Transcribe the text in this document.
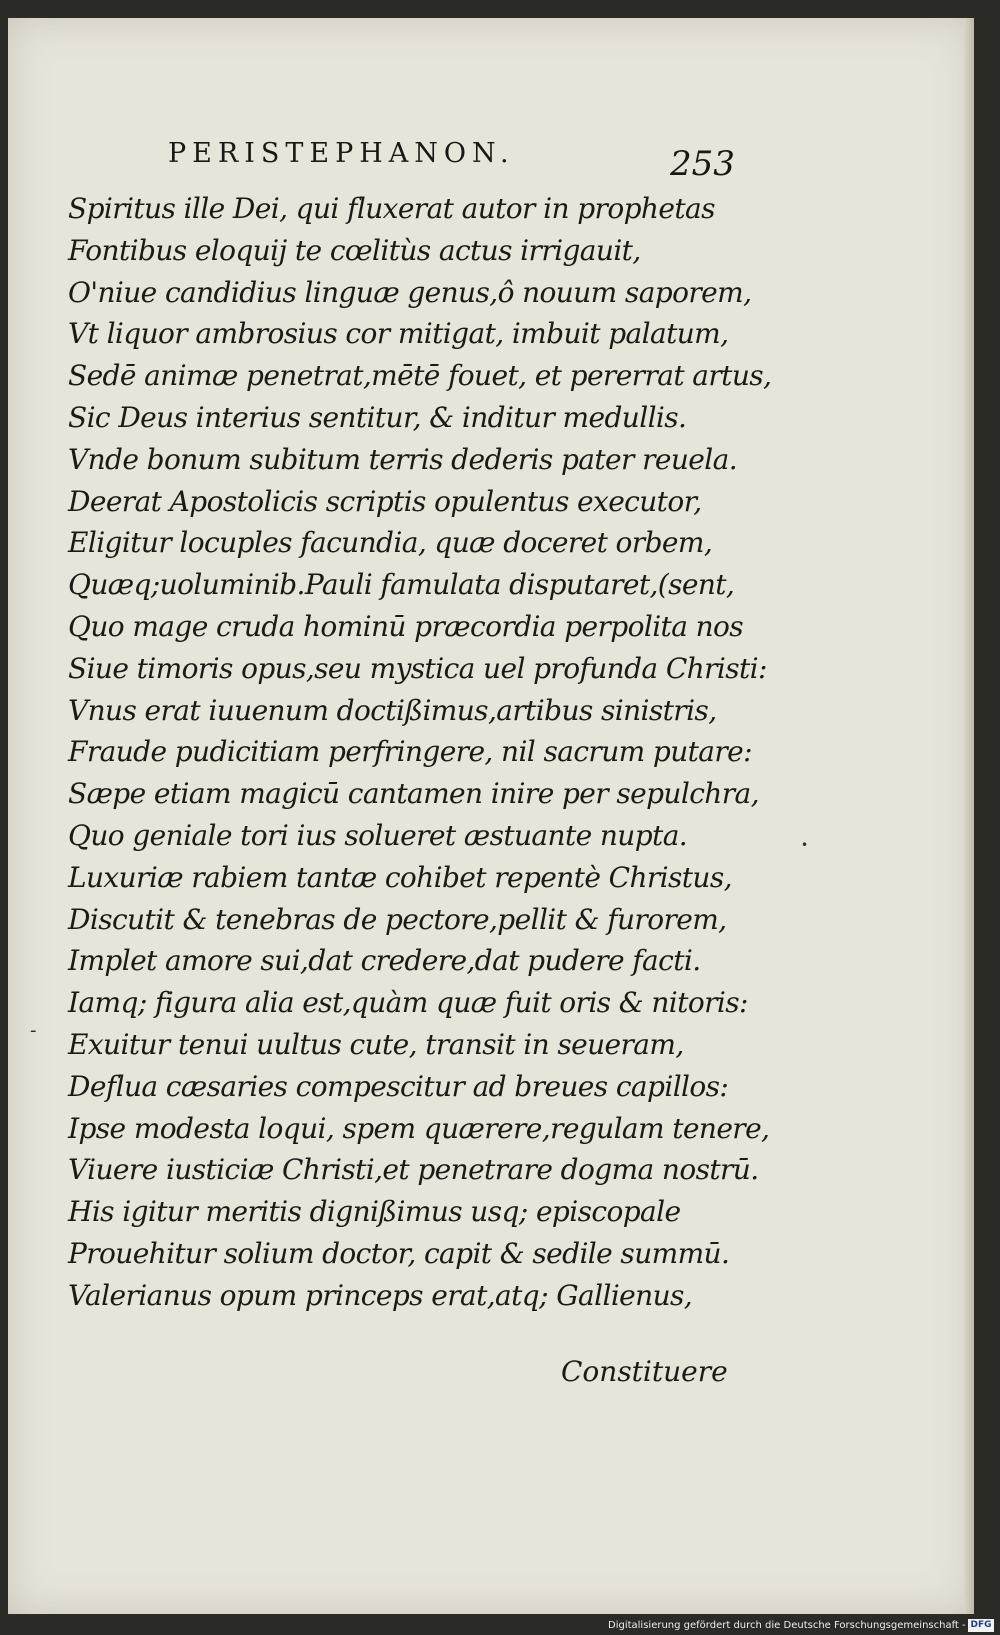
PERISTEPHANON.	253
Spiritus ille Dei, qui fluxerat autor in prophetas
Fontibus eloquij te cœlitùs actus irrigauit,
O'niue candidius linguæ genus,ô nouum saporem,
Vt liquor ambrosius cor mitigat, imbuit palatum,
Sedē animæ penetrat,mētē fouet, et pererrat artus,
Sic Deus interius sentitur, & inditur medullis.
Vnde bonum subitum terris dederis pater reuela.
Deerat Apostolicis scriptis opulentus executor,
Eligitur locuples facundia, quæ doceret orbem,
Quæq;uoluminib.Pauli famulata disputaret,(sent,
Quo mage cruda hominū præcordia perpolita nos
Siue timoris opus,seu mystica uel profunda Christi:
Vnus erat iuuenum doctißimus,artibus sinistris,
Fraude pudicitiam perfringere, nil sacrum putare:
Sæpe etiam magicū cantamen inire per sepulchra,
Quo geniale tori ius solueret æstuante nupta.
Luxuriæ rabiem tantæ cohibet repentè Christus,
Discutit & tenebras de pectore,pellit & furorem,
Implet amore sui,dat credere,dat pudere facti.
Iamq; figura alia est,quàm quæ fuit oris & nitoris:
Exuitur tenui uultus cute, transit in seueram,
Deflua cæsaries compescitur ad breues capillos:
Ipse modesta loqui, spem quærere,regulam tenere,
Viuere iusticiæ Christi,et penetrare dogma nostrū.
His igitur meritis dignißimus usq; episcopale
Prouehitur solium doctor, capit & sedile summū.
Valerianus opum princeps erat,atq; Gallienus,
Constituere
-
•
Digitalisierung gefördert durch die Deutsche Forschungsgemeinschaft - DFG
